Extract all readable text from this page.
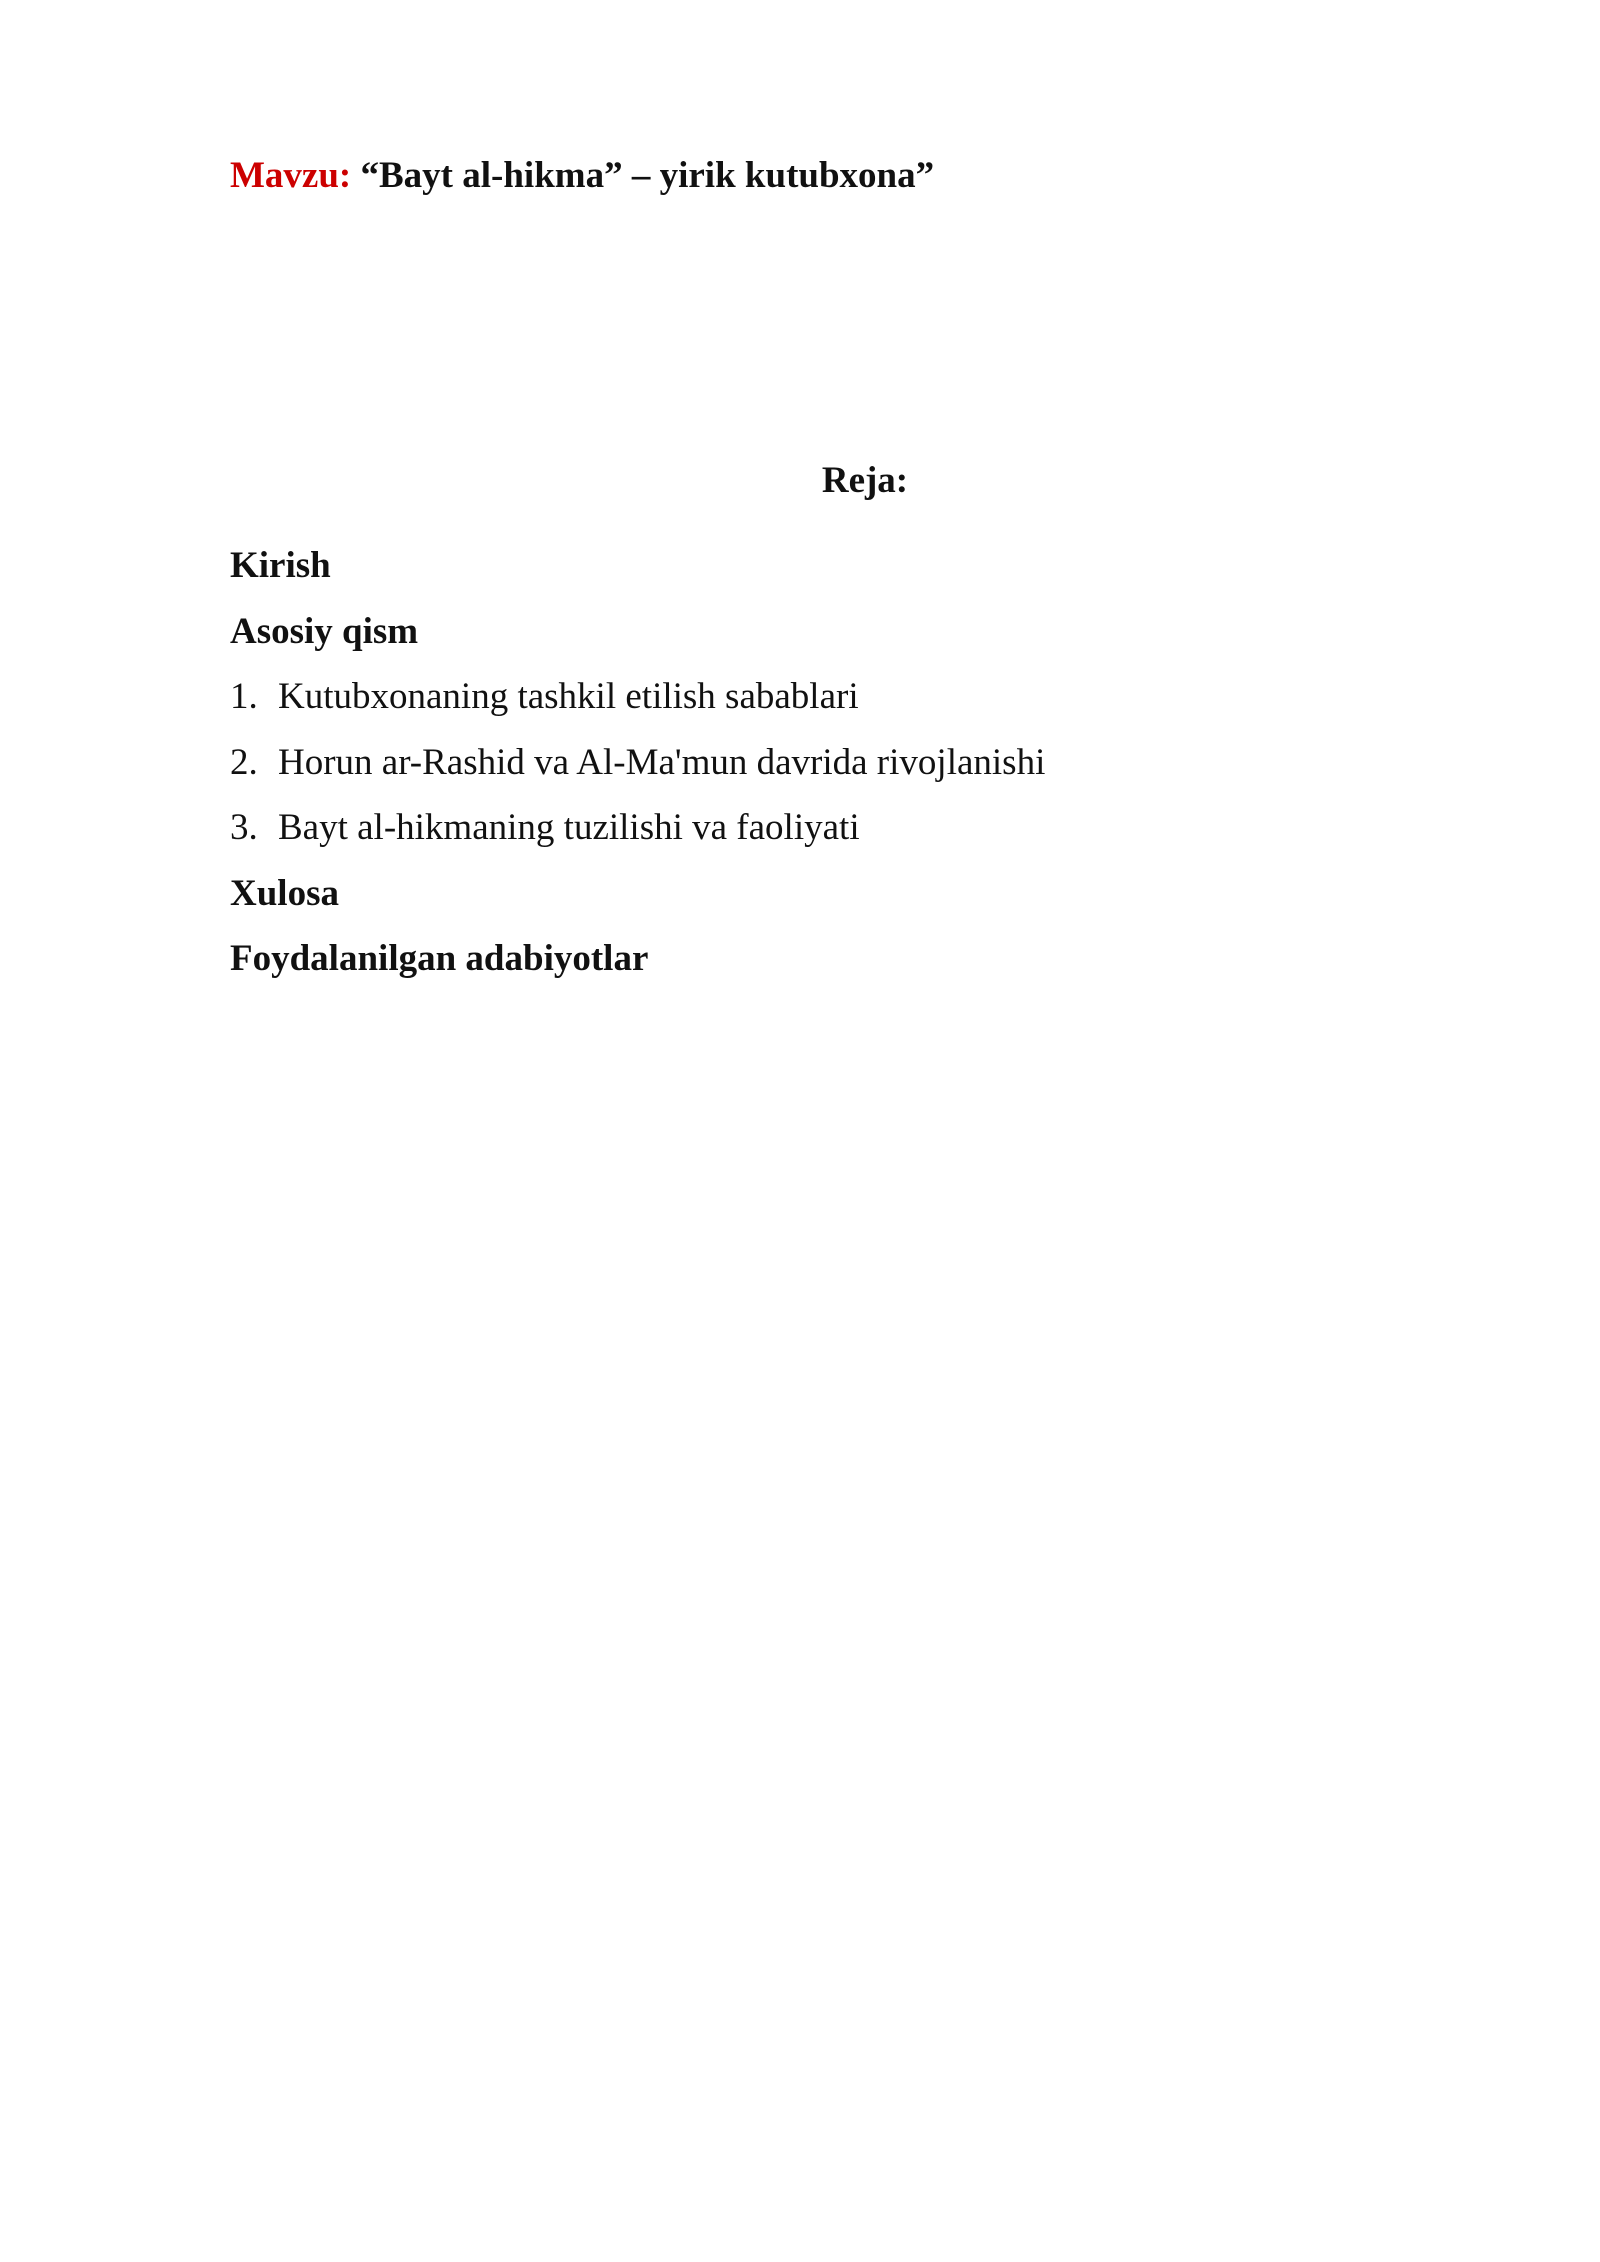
Mavzu: “Bayt al-hikma” – yirik kutubxona”
Reja:
Kirish
Asosiy qism
1. Kutubxonaning tashkil etilish sabablari
2. Horun ar-Rashid va Al-Ma'mun davrida rivojlanishi
3. Bayt al-hikmaning tuzilishi va faoliyati
Xulosa
Foydalanilgan adabiyotlar
